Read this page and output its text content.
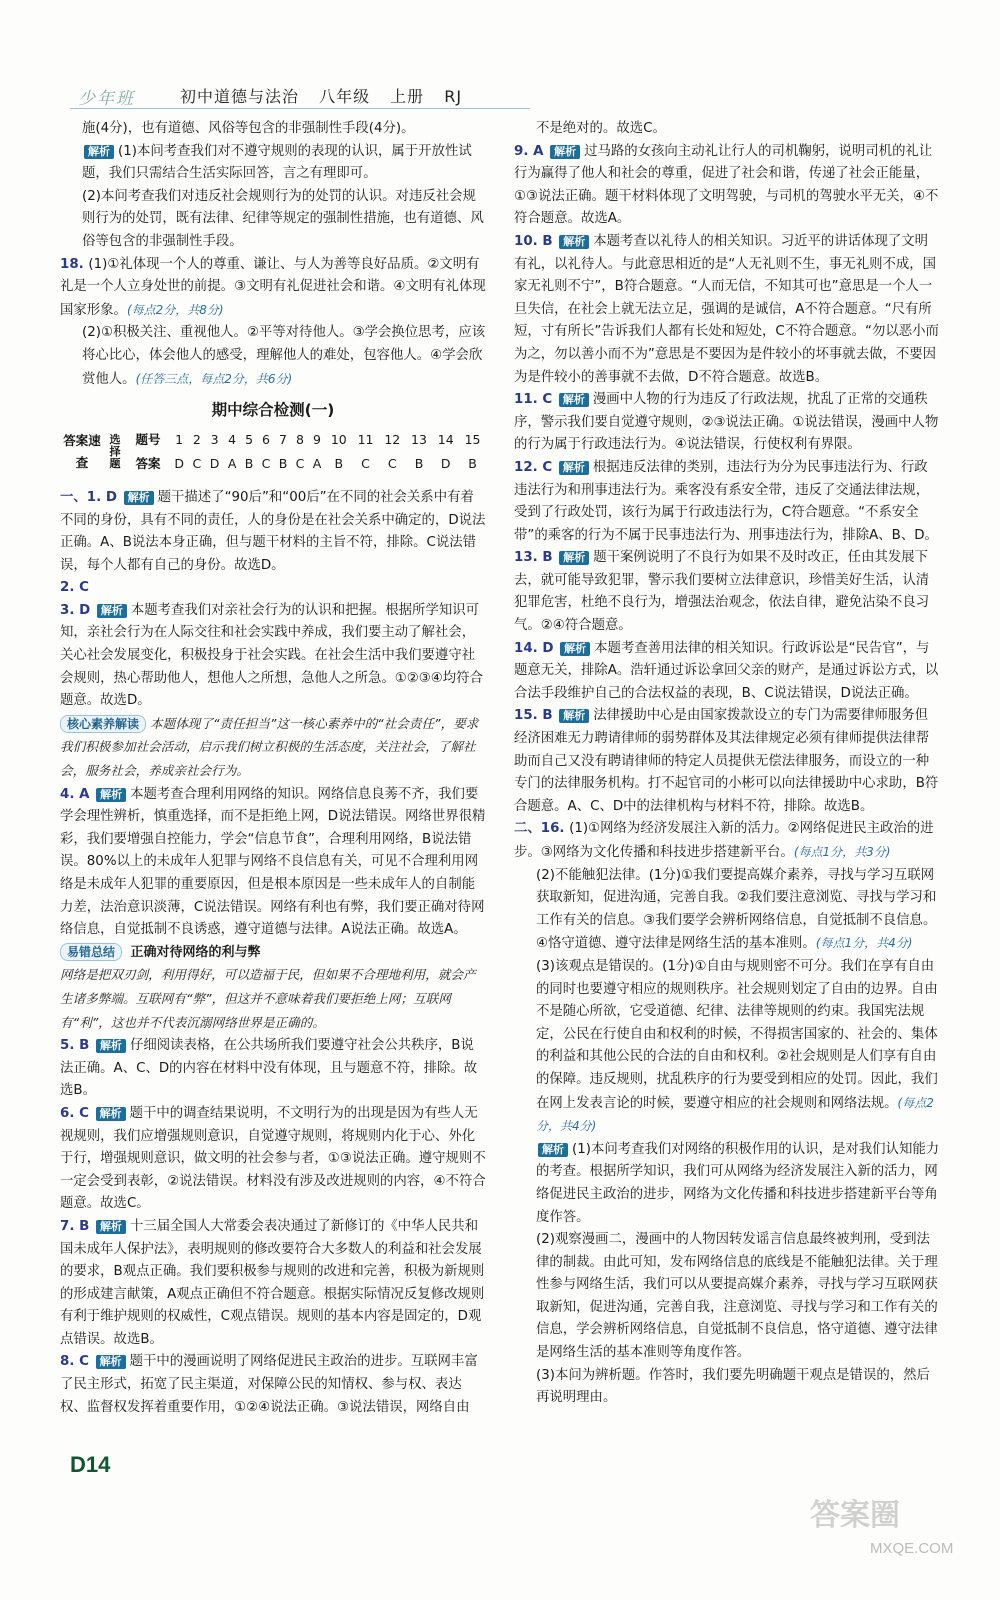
少年班	初中道德与法治 八年级 上册 RJ
施(4分)，也有道德、风俗等包含的非强制性手段(4分)。
解析 (1)本问考查我们对不遵守规则的表现的认识，属于开放性试题，我们只需结合生活实际回答，言之有理即可。
(2)本问考查我们对违反社会规则行为的处罚的认识。对违反社会规则行为的处罚，既有法律、纪律等规定的强制性措施，也有道德、风俗等包含的非强制性手段。
18. (1)①礼体现一个人的尊重、谦让、与人为善等良好品质。②文明有礼是一个人立身处世的前提。③文明有礼促进社会和谐。④文明有礼体现国家形象。(每点2分，共8分)
(2)①积极关注、重视他人。②平等对待他人。③学会换位思考，应该将心比心，体会他人的感受，理解他人的难处，包容他人。④学会欣赏他人。(任答三点，每点2分，共6分)
期中综合检测(一)
答案速查	选择题	题号	1	2	3	4	5	6	7	8	9	10	11	12	13	14	15
		答案	D	C	D	A	B	C	B	C	A	B	C	C	B	D	B
一、1. D 解析 题干描述了“90后”和“00后”在不同的社会关系中有着不同的身份，具有不同的责任，人的身份是在社会关系中确定的，D说法正确。A、B说法本身正确，但与题干材料的主旨不符，排除。C说法错误，每个人都有自己的身份。故选D。
2. C
3. D 解析 本题考查我们对亲社会行为的认识和把握。根据所学知识可知，亲社会行为在人际交往和社会实践中养成，我们要主动了解社会，关心社会发展变化，积极投身于社会实践。在社会生活中我们要遵守社会规则，热心帮助他人，想他人之所想，急他人之所急。①②③④均符合题意。故选D。
核心素养解读 本题体现了“责任担当”这一核心素养中的“社会责任”，要求我们积极参加社会活动，启示我们树立积极的生活态度，关注社会，了解社会，服务社会，养成亲社会行为。
4. A 解析 本题考查合理利用网络的知识。网络信息良莠不齐，我们要学会理性辨析，慎重选择，而不是拒绝上网，D说法错误。网络世界很精彩，我们要增强自控能力，学会“信息节食”，合理利用网络，B说法错误。80%以上的未成年人犯罪与网络不良信息有关，可见不合理利用网络是未成年人犯罪的重要原因，但是根本原因是一些未成年人的自制能力差，法治意识淡薄，C说法错误。网络有利也有弊，我们要正确对待网络信息，自觉抵制不良诱惑，遵守道德与法律。A说法正确。故选A。
易错总结 正确对待网络的利与弊
网络是把双刃剑，利用得好，可以造福于民，但如果不合理地利用，就会产生诸多弊端。互联网有“弊”，但这并不意味着我们要拒绝上网；互联网有“利”，这也并不代表沉溺网络世界是正确的。
5. B 解析 仔细阅读表格，在公共场所我们要遵守社会公共秩序，B说法正确。A、C、D的内容在材料中没有体现，且与题意不符，排除。故选B。
6. C 解析 题干中的调查结果说明，不文明行为的出现是因为有些人无视规则，我们应增强规则意识，自觉遵守规则，将规则内化于心、外化于行，增强规则意识，做文明的社会参与者，①③说法正确。遵守规则不一定会受到表彰，②说法错误。材料没有涉及改进规则的内容，④不符合题意。故选C。
7. B 解析 十三届全国人大常委会表决通过了新修订的《中华人民共和国未成年人保护法》，表明规则的修改要符合大多数人的利益和社会发展的要求，B观点正确。我们要积极参与规则的改进和完善，积极为新规则的形成建言献策，A观点正确但不符合题意。根据实际情况反复修改规则有利于维护规则的权威性，C观点错误。规则的基本内容是固定的，D观点错误。故选B。
8. C 解析 题干中的漫画说明了网络促进民主政治的进步。互联网丰富了民主形式，拓宽了民主渠道，对保障公民的知情权、参与权、表达权、监督权发挥着重要作用，①②④说法正确。③说法错误，网络自由
不是绝对的。故选C。
9. A 解析 过马路的女孩向主动礼让行人的司机鞠躬，说明司机的礼让行为赢得了他人和社会的尊重，促进了社会和谐，传递了社会正能量，①③说法正确。题干材料体现了文明驾驶，与司机的驾驶水平无关，④不符合题意。故选A。
10. B 解析 本题考查以礼待人的相关知识。习近平的讲话体现了文明有礼，以礼待人。与此意思相近的是“人无礼则不生，事无礼则不成，国家无礼则不宁”，B符合题意。“人而无信，不知其可也”意思是一个人一旦失信，在社会上就无法立足，强调的是诚信，A不符合题意。“尺有所短，寸有所长”告诉我们人都有长处和短处，C不符合题意。“勿以恶小而为之，勿以善小而不为”意思是不要因为是件较小的坏事就去做，不要因为是件较小的善事就不去做，D不符合题意。故选B。
11. C 解析 漫画中人物的行为违反了行政法规，扰乱了正常的交通秩序，警示我们要自觉遵守规则，②③说法正确。①说法错误，漫画中人物的行为属于行政违法行为。④说法错误，行使权利有界限。
12. C 解析 根据违反法律的类别，违法行为分为民事违法行为、行政违法行为和刑事违法行为。乘客没有系安全带，违反了交通法律法规，受到了行政处罚，该行为属于行政违法行为，C符合题意。“不系安全带”的乘客的行为不属于民事违法行为、刑事违法行为，排除A、B、D。
13. B 解析 题干案例说明了不良行为如果不及时改正，任由其发展下去，就可能导致犯罪，警示我们要树立法律意识，珍惜美好生活，认清犯罪危害，杜绝不良行为，增强法治观念，依法自律，避免沾染不良习气。②④符合题意。
14. D 解析 本题考查善用法律的相关知识。行政诉讼是“民告官”，与题意无关，排除A。浩轩通过诉讼拿回父亲的财产，是通过诉讼方式，以合法手段维护自己的合法权益的表现，B、C说法错误，D说法正确。
15. B 解析 法律援助中心是由国家拨款设立的专门为需要律师服务但经济困难无力聘请律师的弱势群体及其法律规定必须有律师提供法律帮助而自己又没有聘请律师的特定人员提供无偿法律服务，而设立的一种专门的法律服务机构。打不起官司的小彬可以向法律援助中心求助，B符合题意。A、C、D中的法律机构与材料不符，排除。故选B。
二、16. (1)①网络为经济发展注入新的活力。②网络促进民主政治的进步。③网络为文化传播和科技进步搭建新平台。(每点1分，共3分)
(2)不能触犯法律。(1分)①我们要提高媒介素养，寻找与学习互联网获取新知，促进沟通，完善自我。②我们要注意浏览、寻找与学习和工作有关的信息。③我们要学会辨析网络信息，自觉抵制不良信息。④恪守道德、遵守法律是网络生活的基本准则。(每点1分，共4分)
(3)该观点是错误的。(1分)①自由与规则密不可分。我们在享有自由的同时也要遵守相应的规则秩序。社会规则划定了自由的边界。自由不是随心所欲，它受道德、纪律、法律等规则的约束。我国宪法规定，公民在行使自由和权利的时候，不得损害国家的、社会的、集体的利益和其他公民的合法的自由和权利。②社会规则是人们享有自由的保障。违反规则，扰乱秩序的行为要受到相应的处罚。因此，我们在网上发表言论的时候，要遵守相应的社会规则和网络法规。(每点2分，共4分)
解析 (1)本问考查我们对网络的积极作用的认识，是对我们认知能力的考查。根据所学知识，我们可从网络为经济发展注入新的活力，网络促进民主政治的进步，网络为文化传播和科技进步搭建新平台等角度作答。
(2)观察漫画二，漫画中的人物因转发谣言信息最终被判刑，受到法律的制裁。由此可知，发布网络信息的底线是不能触犯法律。关于理性参与网络生活，我们可以从要提高媒介素养，寻找与学习互联网获取新知，促进沟通，完善自我，注意浏览、寻找与学习和工作有关的信息，学会辨析网络信息，自觉抵制不良信息，恪守道德、遵守法律是网络生活的基本准则等角度作答。
(3)本问为辨析题。作答时，我们要先明确题干观点是错误的，然后再说明理由。
D14
答案圈
MXQE.COM
